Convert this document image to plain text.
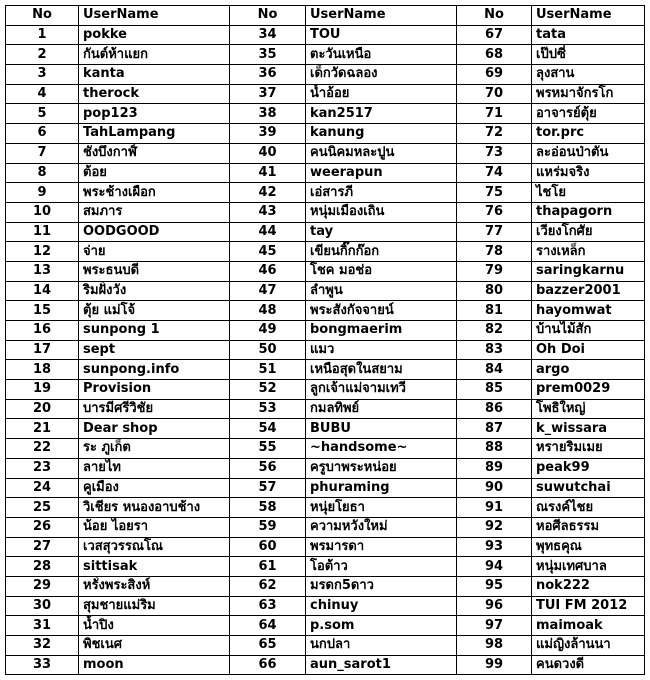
No	UserName	No	UserName	No	UserName
1	pokke	34	TOU	67	tata
2	กันต์ห้าแยก	35	ตะวันเหนือ	68	เป๊ปซี่
3	kanta	36	เด็กวัดฉลอง	69	ลุงสาน
4	therock	37	น้ำอ้อย	70	พรหมาจักรโก
5	pop123	38	kan2517	71	อาจารย์ตุ้ย
6	TahLampang	39	kanung	72	tor.prc
7	ชังบึงกาฬ์	40	คนนิคมหละปูน	73	ละอ่อนป่าตัน
8	ต้อย	41	weerapun	74	แหร่มจริง
9	พระช้างเผือก	42	เอ่สารภี	75	ไชโย
10	สมภาร	43	หนุ่มเมืองเถิน	76	thapagorn
11	OODGOOD	44	tay	77	เวียงโกศัย
12	จ่าย	45	เขียนกิ๊กก๊อก	78	รางเหล็ก
13	พระธนบดี	46	โชค มอช่อ	79	saringkarnu
14	ริมฝั่งวัง	47	ลำพูน	80	bazzer2001
15	ตุ้ย แม่โจ้	48	พระสังกัจจายน์	81	hayomwat
16	sunpong 1	49	bongmaerim	82	บ้านไม้สัก
17	sept	50	แมว	83	Oh Doi
18	sunpong.info	51	เหนือสุดในสยาม	84	argo
19	Provision	52	ลูกเจ้าแม่จามเทวี	85	prem0029
20	บารมีศรีวิชัย	53	กมลทิพย์	86	โพธิใหญ่
21	Dear shop	54	BUBU	87	k_wissara
22	ระ ภูเก็ต	55	~handsome~	88	หรายริมเมย
23	ลายไท	56	ครูบาพระหน่อย	89	peak99
24	คูเมือง	57	phuraming	90	suwutchai
25	วิเชียร หนองอาบช้าง	58	หนุ่ยโยธา	91	ณรงค์ไชย
26	น้อย ไอยรา	59	ความหวังใหม่	92	หอศีลธรรม
27	เวสสุวรรณโณ	60	พรมารดา	93	พุทธคุณ
28	sittisak	61	โอต้าว	94	หนุ่มเทศบาล
29	หรั่งพระสิงห์	62	มรดก5ดาว	95	nok222
30	สุมชายแม่ริม	63	chinuy	96	TUI FM 2012
31	น้ำปิง	64	p.som	97	maimoak
32	พิชเนศ	65	นกปลา	98	แม่ญิงล้านนา
33	moon	66	aun_sarot1	99	คนดวงดี
